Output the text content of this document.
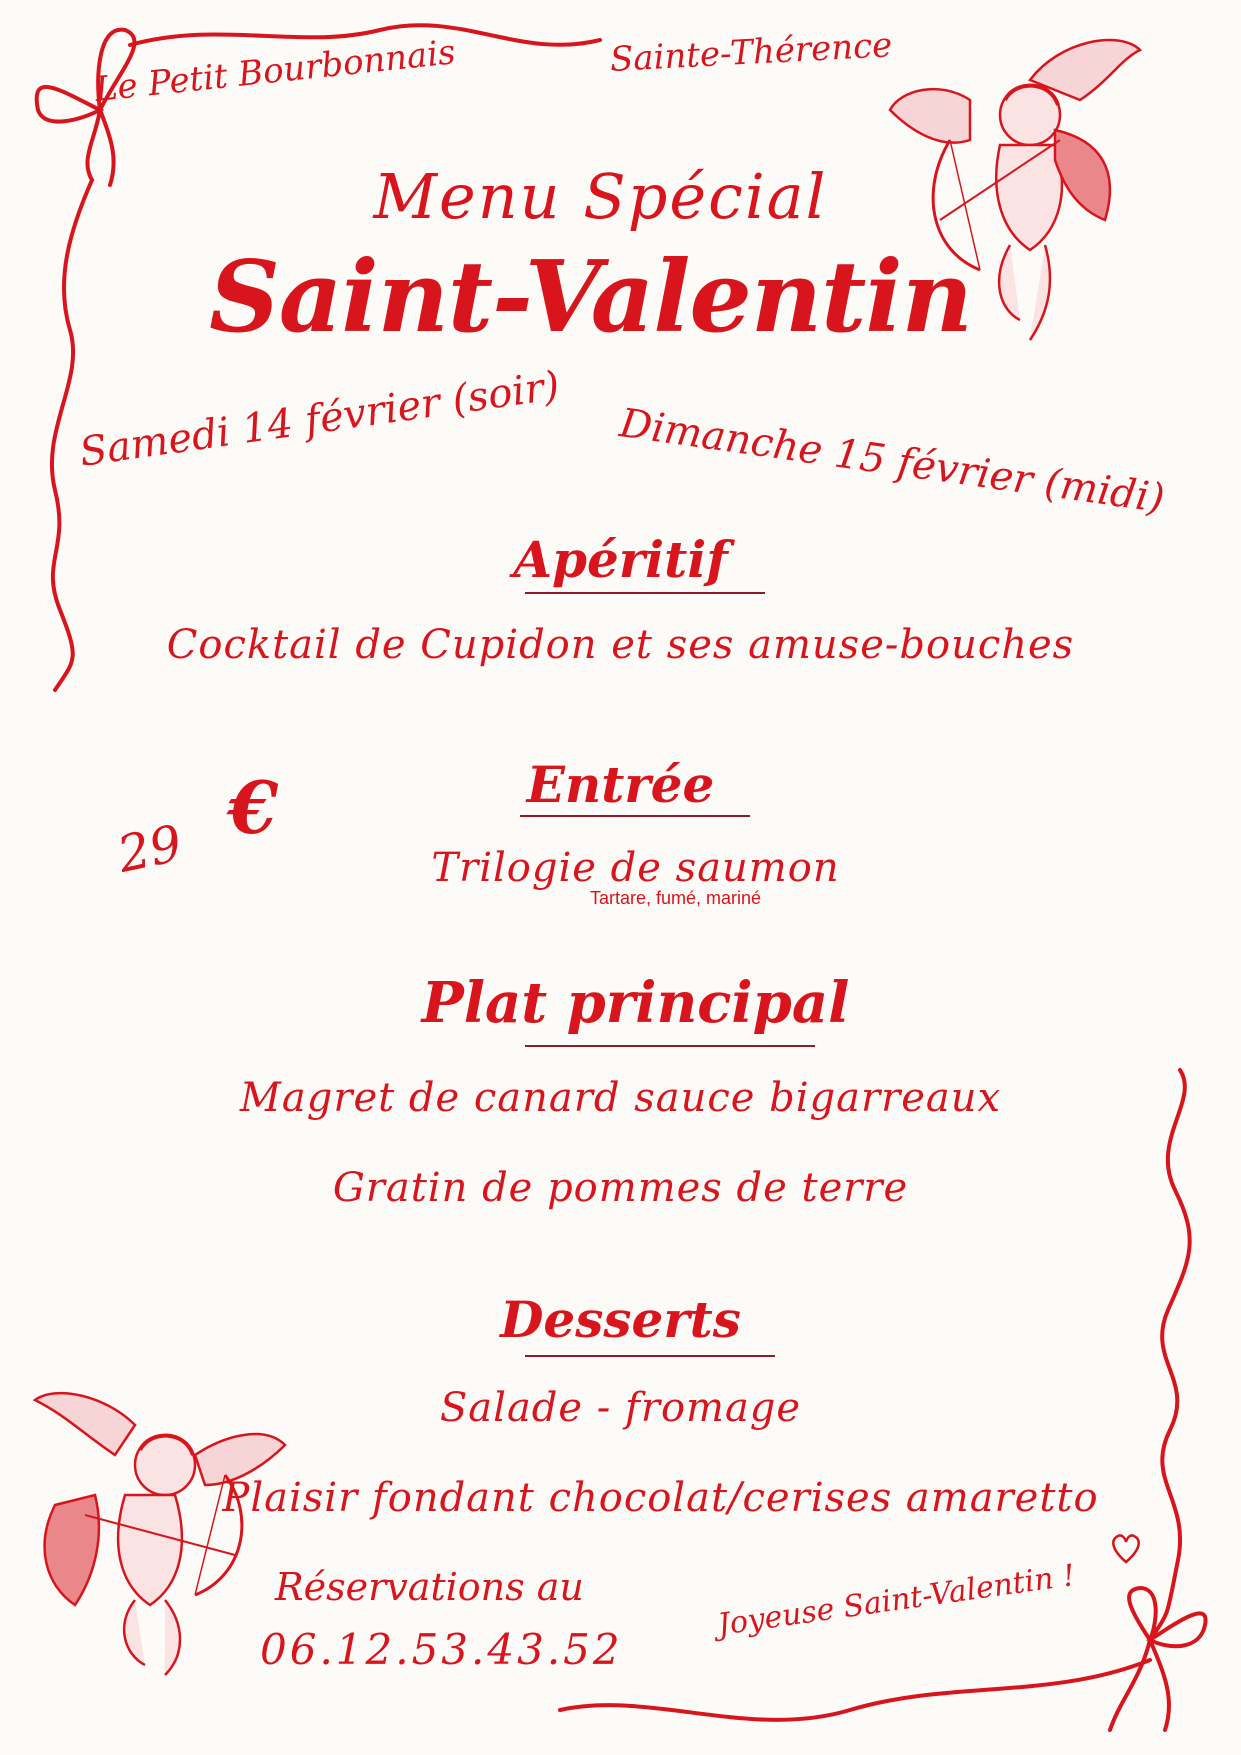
Le Petit Bourbonnais	Sainte-Thérence
Menu Spécial
Saint-Valentin
Samedi 14 février (soir) Dimanche 15 février (midi)
Apéritif
Cocktail de Cupidon et ses amuse-bouches
29 €	Entrée
Trilogie de saumon
Tartare, fumé, mariné
Plat principal
Magret de canard sauce bigarreaux
Gratin de pommes de terre
Desserts
Salade - fromage
Plaisir fondant chocolat/cerises amaretto
Réservations au
06.12.53.43.52
Joyeuse Saint-Valentin !
